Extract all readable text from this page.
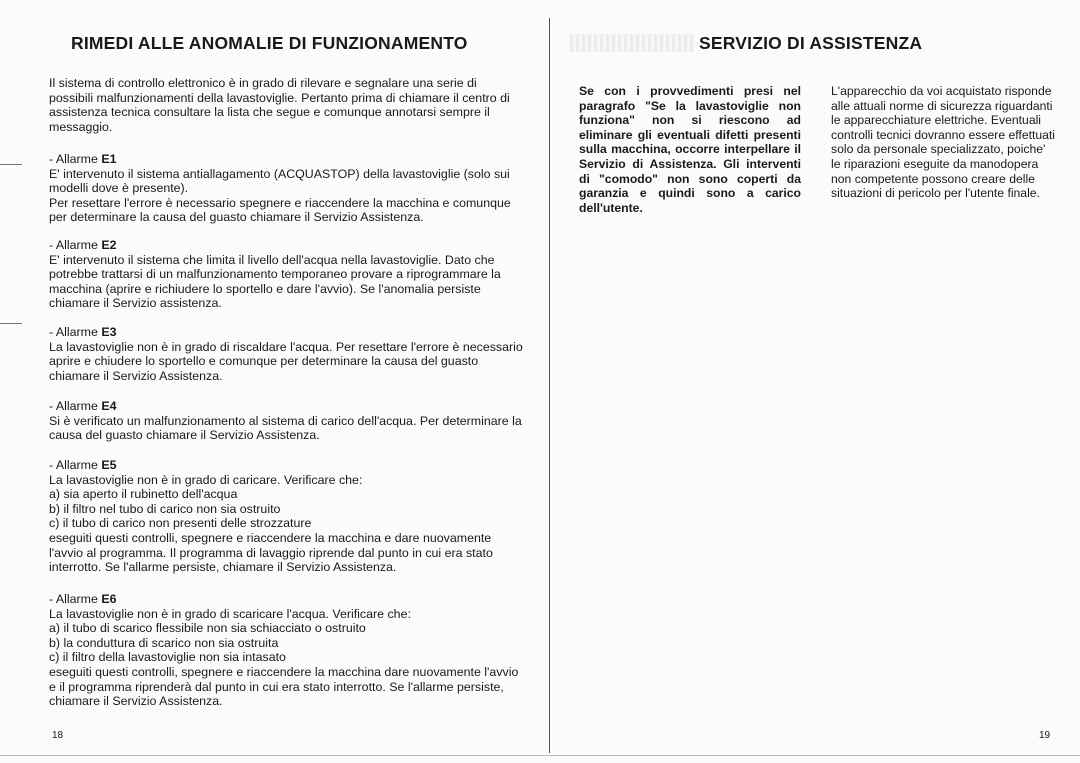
RIMEDI ALLE ANOMALIE DI FUNZIONAMENTO
Il sistema di controllo elettronico è in grado di rilevare e segnalare una serie di possibili malfunzionamenti della lavastoviglie. Pertanto prima di chiamare il centro di assistenza tecnica consultare la lista che segue e comunque annotarsi sempre il messaggio.

- Allarme E1

E' intervenuto il sistema antiallagamento (ACQUASTOP) della lavastoviglie (solo sui modelli dove è presente).

Per resettare l'errore è necessario spegnere e riaccendere la macchina e comunque per determinare la causa del guasto chiamare il Servizio Assistenza.

- Allarme E2

E' intervenuto il sistema che limita il livello dell'acqua nella lavastoviglie. Dato che potrebbe trattarsi di un malfunzionamento temporaneo provare a riprogrammare la macchina (aprire e richiudere lo sportello e dare l'avvio). Se l'anomalia persiste chiamare il Servizio assistenza.

- Allarme E3

La lavastoviglie non è in grado di riscaldare l'acqua. Per resettare l'errore è necessario aprire e chiudere lo sportello e comunque per determinare la causa del guasto chiamare il Servizio Assistenza.

- Allarme E4

Si è verificato un malfunzionamento al sistema di carico dell'acqua. Per determinare la causa del guasto chiamare il Servizio Assistenza.

- Allarme E5

La lavastoviglie non è in grado di caricare. Verificare che:

a) sia aperto il rubinetto dell'acqua

b) il filtro nel tubo di carico non sia ostruito

c) il tubo di carico non presenti delle strozzature

eseguiti questi controlli, spegnere e riaccendere la macchina e dare nuovamente l'avvio al programma. Il programma di lavaggio riprende dal punto in cui era stato interrotto. Se l'allarme persiste, chiamare il Servizio Assistenza.

- Allarme E6

La lavastoviglie non è in grado di scaricare l'acqua. Verificare che:

a) il tubo di scarico flessibile non sia schiacciato o ostruito

b) la conduttura di scarico non sia ostruita

c) il filtro della lavastoviglie non sia intasato

eseguiti questi controlli, spegnere e riaccendere la macchina dare nuovamente l'avvio e il programma riprenderà dal punto in cui era stato interrotto. Se l'allarme persiste, chiamare il Servizio Assistenza.

18
SERVIZIO DI ASSISTENZA
Se con i provvedimenti presi nel paragrafo "Se la lavastoviglie non funziona" non si riescono ad eliminare gli eventuali difetti presenti sulla macchina, occorre interpellare il Servizio di Assistenza. Gli interventi di "comodo" non sono coperti da garanzia e quindi sono a carico dell'utente.
L'apparecchio da voi acquistato risponde alle attuali norme di sicurezza riguardanti le apparecchiature elettriche. Eventuali controlli tecnici dovranno essere effettuati solo da personale specializzato, poiche' le riparazioni eseguite da manodopera non competente possono creare delle situazioni di pericolo per l'utente finale.
19
